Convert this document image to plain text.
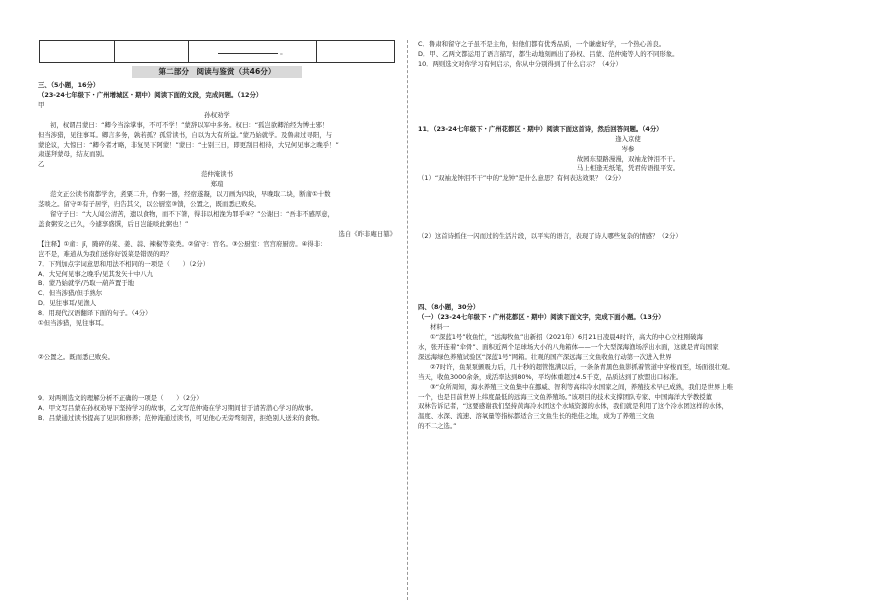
		。	
第二部分　阅读与鉴赏（共46分）

三、（5小题，16分）

（23-24七年级下・广州增城区・期中）阅读下面的文段，完成问题。（12分）

甲

孙权劝学

初，权谓吕蒙曰：“卿今当涂掌事，不可不学！”蒙辞以军中多务。权曰：“孤岂欲卿治经为博士邪！

但当涉猎，见往事耳。卿言多务，孰若孤？孤常读书，自以为大有所益。”蒙乃始就学。及鲁肃过寻阳，与

蒙论议，大惊曰：“卿今者才略，非复吴下阿蒙！”蒙曰：“士别三日，即更刮目相待，大兄何见事之晚乎！”

肃遂拜蒙母，结友而别。

乙

范仲淹读书

郑瑄

范文正公读书南都学舍，煮粟二升，作粥一器，经宿遂凝，以刀画为四块，早晚取二块，断齑①十数

茎啖之。留守②有子居学，归告其父，以公厨室③馈，公置之，既而悉已败矣。

留守子曰：“大人闻公清苦，遗以食物，而不下箸，得非以相浼为罪乎④？”公谢曰：“吾非不感厚意，

盖食粥安之已久，今遽享盛馔，后日岂能啖此粥也！”

选自《昨非庵日纂》

【注释】①齑：jī，腌碎的菜、姜、蒜、辣椒等菜类。②留守：官名。③公厨室：官宫府厨房。④得非：

岂不是，难道从为我们送你好饭菜是错误的吗？

7．下列加点字词意思和用法不相同的一项是（　　）（2分）

A．大兄何见事之晚乎/见其发矢十中八九

B．蒙乃始就学/乃取一葫芦置于地

C．但当涉猎/但手熟尔

D．见往事耳/见渔人

8．用现代汉语翻译下面的句子。（4分）

①但当涉猎，见往事耳。

②公置之。既而悉已败矣。

9．对两则选文的理解分析不正确的一项是（　　）（2分）

A．甲文写吕蒙在孙权劝导下坚持学习的故事，乙文写范仲淹在学习期间甘于清苦潜心学习的故事。

B．吕蒙通过读书提高了见识和修养；范仲淹通过读书，可见他心无旁骛刻苦，拒绝别人送来的食物。

C．鲁肃和留守之子虽不是主角，但他们都有优秀品质，一个谦虚好学，一个热心善良。

D．甲、乙两文都运用了语言描写，都生动地刻画出了孙权、吕蒙、范仲淹等人的不同形象。

10．两则选文对你学习有何启示，你从中分别得到了什么启示？（4分）

11．（23-24七年级下・广州花都区・期中）阅读下面这首诗，然后回答问题。（4分）

逢入京使

岑参

故园东望路漫漫，双袖龙钟泪不干。

马上相逢无纸笔，凭君传语报平安。

（1）“双袖龙钟泪不干”中的“龙钟”是什么意思？有何表达效果？（2分）

（2）这首诗抓住一闪而过的生活片段，以平实的语言，表现了诗人哪些复杂的情感？（2分）

四、（8小题，30分）

（一）（23-24七年级下・广州花都区・期中）阅读下面文字，完成下面小题。（13分）

材料一

①“深蓝1号”收鱼忙，“远海牧鱼”出新招（2021年）6月21日凌晨4时许，高大的中心立柱刚破海

水，张开连着“伞骨”、面积近两个足球场大小的八角箱体——一个大型深海渔场浮出水面，这就是青岛国家

深远海绿色养殖试验区“深蓝1号”网箱。壮观的国产深远海三文鱼收鱼行动第一次进入世界

②7时许，鱼泵泵颤吸力后，几十秒的超管饱满以后，一条条青黑色鱼影抓着管道中穿梭而至，场面很壮观。

当天，收鱼3000余条，成活率达到80%，平均体重超过4.5千克，品质达到了欧盟出口标准。

③“众所周知，海水养殖三文鱼集中在挪威、智利等高纬冷水国家之间，养殖技术早已成熟，我们是世界上唯

一个，也是目前世界上纬度最低的远海三文鱼养殖场。”该项目的技术支撑团队专家、中国海洋大学教授董

双林告诉记者，“这要感谢我们坚持黄海冷水团这个水域资源的水体，我们就是利用了这个冷水团这样的水体，

温度、水深、流速、溶氧量等指标都适合三文鱼生长的绝佳之地，成为了养殖三文鱼

的不二之选。”
